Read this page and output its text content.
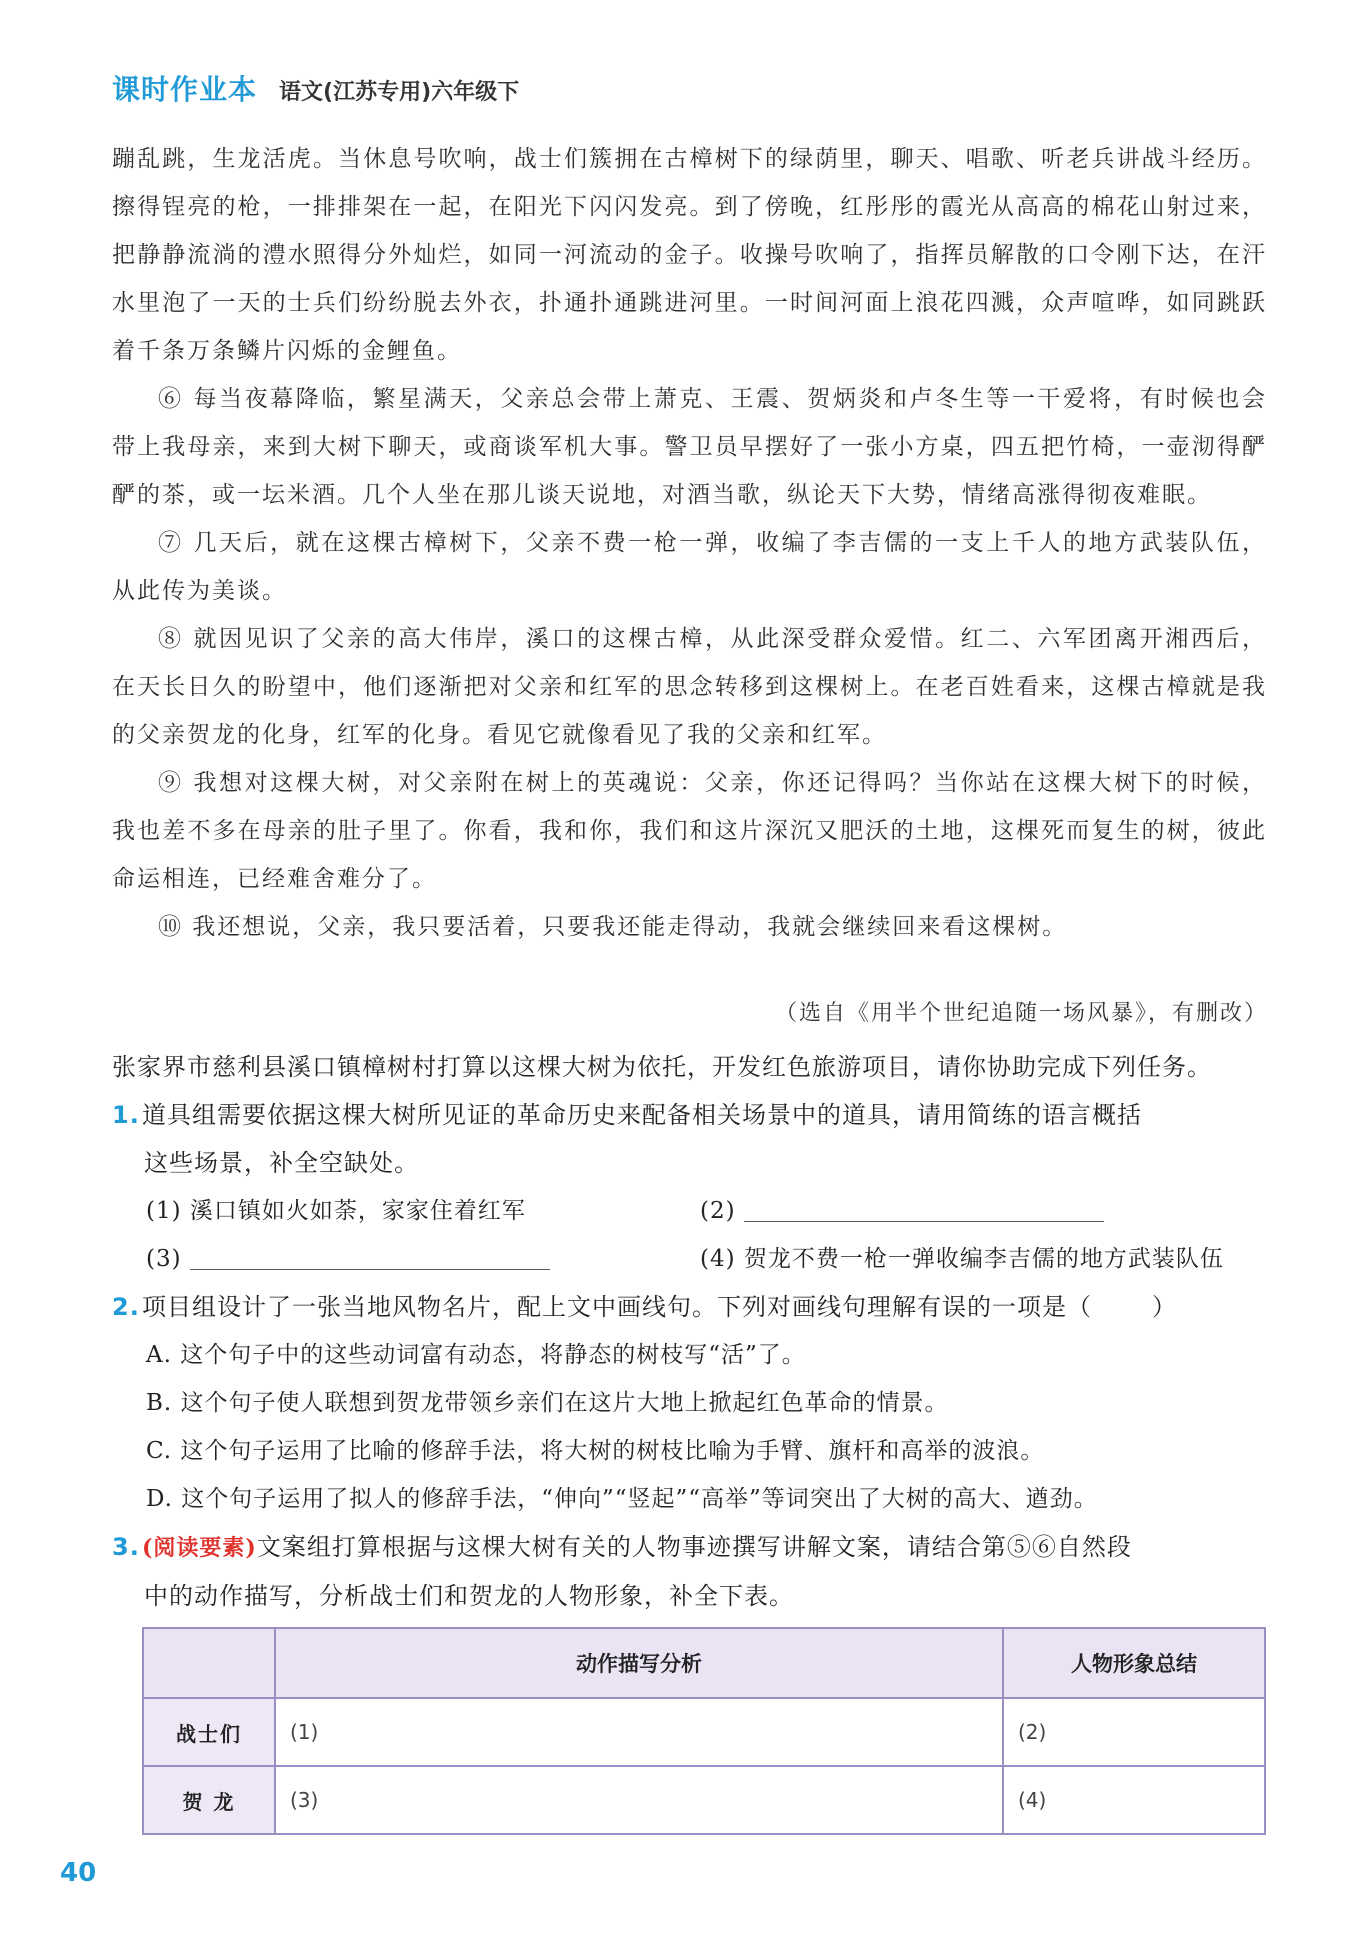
课时作业本 语文(江苏专用)六年级下

蹦乱跳，生龙活虎。当休息号吹响，战士们簇拥在古樟树下的绿荫里，聊天、唱歌、听老兵讲战斗经历。擦得锃亮的枪，一排排架在一起，在阳光下闪闪发亮。到了傍晚，红彤彤的霞光从高高的棉花山射过来，把静静流淌的澧水照得分外灿烂，如同一河流动的金子。收操号吹响了，指挥员解散的口令刚下达，在汗水里泡了一天的士兵们纷纷脱去外衣，扑通扑通跳进河里。一时间河面上浪花四溅，众声喧哗，如同跳跃着千条万条鳞片闪烁的金鲤鱼。

⑥ 每当夜幕降临，繁星满天，父亲总会带上萧克、王震、贺炳炎和卢冬生等一干爱将，有时候也会带上我母亲，来到大树下聊天，或商谈军机大事。警卫员早摆好了一张小方桌，四五把竹椅，一壶沏得酽酽的茶，或一坛米酒。几个人坐在那儿谈天说地，对酒当歌，纵论天下大势，情绪高涨得彻夜难眠。

⑦ 几天后，就在这棵古樟树下，父亲不费一枪一弹，收编了李吉儒的一支上千人的地方武装队伍，从此传为美谈。

⑧ 就因见识了父亲的高大伟岸，溪口的这棵古樟，从此深受群众爱惜。红二、六军团离开湘西后，在天长日久的盼望中，他们逐渐把对父亲和红军的思念转移到这棵树上。在老百姓看来，这棵古樟就是我的父亲贺龙的化身，红军的化身。看见它就像看见了我的父亲和红军。

⑨ 我想对这棵大树，对父亲附在树上的英魂说：父亲，你还记得吗？当你站在这棵大树下的时候，我也差不多在母亲的肚子里了。你看，我和你，我们和这片深沉又肥沃的土地，这棵死而复生的树，彼此命运相连，已经难舍难分了。

⑩ 我还想说，父亲，我只要活着，只要我还能走得动，我就会继续回来看这棵树。

（选自《用半个世纪追随一场风暴》，有删改）
张家界市慈利县溪口镇樟树村打算以这棵大树为依托，开发红色旅游项目，请你协助完成下列任务。
1.道具组需要依据这棵大树所见证的革命历史来配备相关场景中的道具，请用简练的语言概括
这些场景，补全空缺处。
(1) 溪口镇如火如荼，家家住着红军	(2)
(3)	(4) 贺龙不费一枪一弹收编李吉儒的地方武装队伍
2.项目组设计了一张当地风物名片，配上文中画线句。下列对画线句理解有误的一项是（	）
A. 这个句子中的这些动词富有动态，将静态的树枝写“活”了。
B. 这个句子使人联想到贺龙带领乡亲们在这片大地上掀起红色革命的情景。
C. 这个句子运用了比喻的修辞手法，将大树的树枝比喻为手臂、旗杆和高举的波浪。
D. 这个句子运用了拟人的修辞手法，“伸向”“竖起”“高举”等词突出了大树的高大、遒劲。
3.(阅读要素)文案组打算根据与这棵大树有关的人物事迹撰写讲解文案，请结合第⑤⑥自然段
中的动作描写，分析战士们和贺龙的人物形象，补全下表。
	动作描写分析	人物形象总结
战士们	(1)	(2)
贺 龙	(3)	(4)
40
